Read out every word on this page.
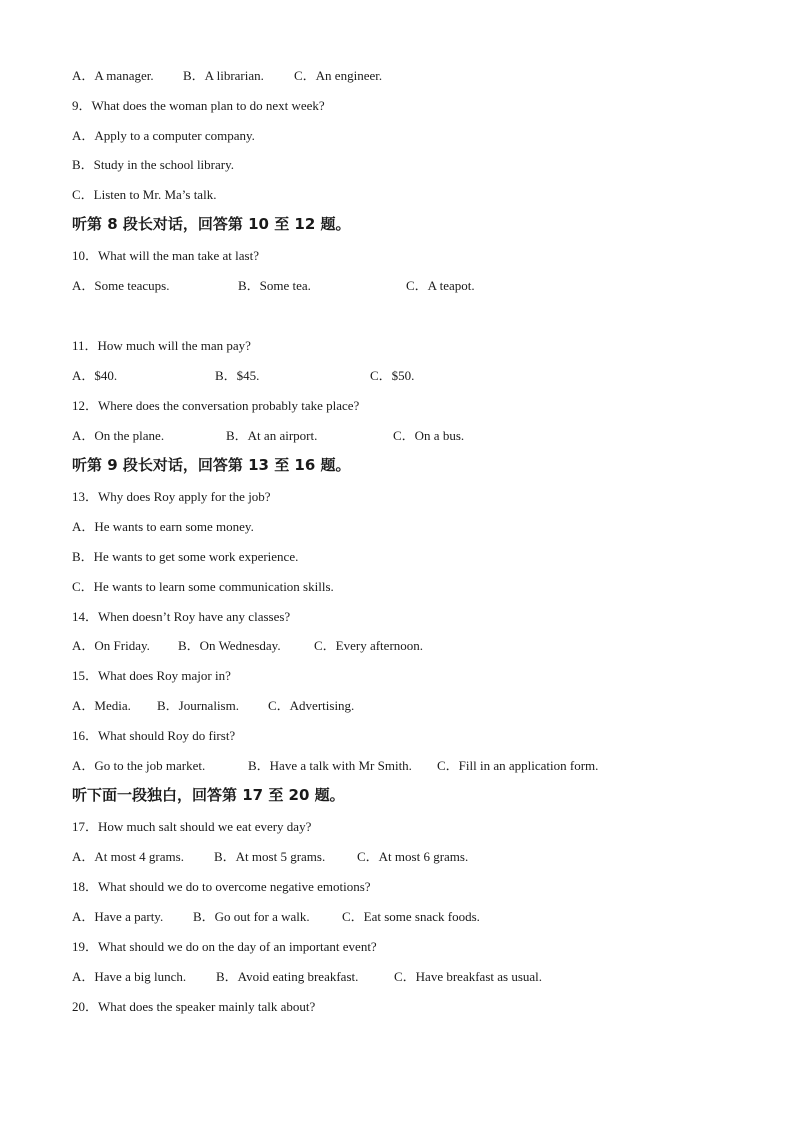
A．A manager. B．A librarian. C．An engineer.
9．What does the woman plan to do next week?
A．Apply to a computer company.
B．Study in the school library.
C．Listen to Mr. Ma’s talk.
听第 8 段长对话，回答第 10 至 12 题。
10．What will the man take at last?
A．Some teacups.	B．Some tea.	C．A teapot.
11．How much will the man pay?
A．$40.	B．$45.	C．$50.
12．Where does the conversation probably take place?
A．On the plane.	B．At an airport.	C．On a bus.
听第 9 段长对话，回答第 13 至 16 题。
13．Why does Roy apply for the job?
A．He wants to earn some money.
B．He wants to get some work experience.
C．He wants to learn some communication skills.
14．When doesn’t Roy have any classes?
A．On Friday. B．On Wednesday.	C．Every afternoon.
15．What does Roy major in?
A．Media. B．Journalism. C．Advertising.
16．What should Roy do first?
A．Go to the job market.	B．Have a talk with Mr Smith. C．Fill in an application form.
听下面一段独白，回答第 17 至 20 题。
17．How much salt should we eat every day?
A．At most 4 grams. B．At most 5 grams. C．At most 6 grams.
18．What should we do to overcome negative emotions?
A．Have a party. B．Go out for a walk. C．Eat some snack foods.
19．What should we do on the day of an important event?
A．Have a big lunch. B．Avoid eating breakfast.	C．Have breakfast as usual.
20．What does the speaker mainly talk about?
